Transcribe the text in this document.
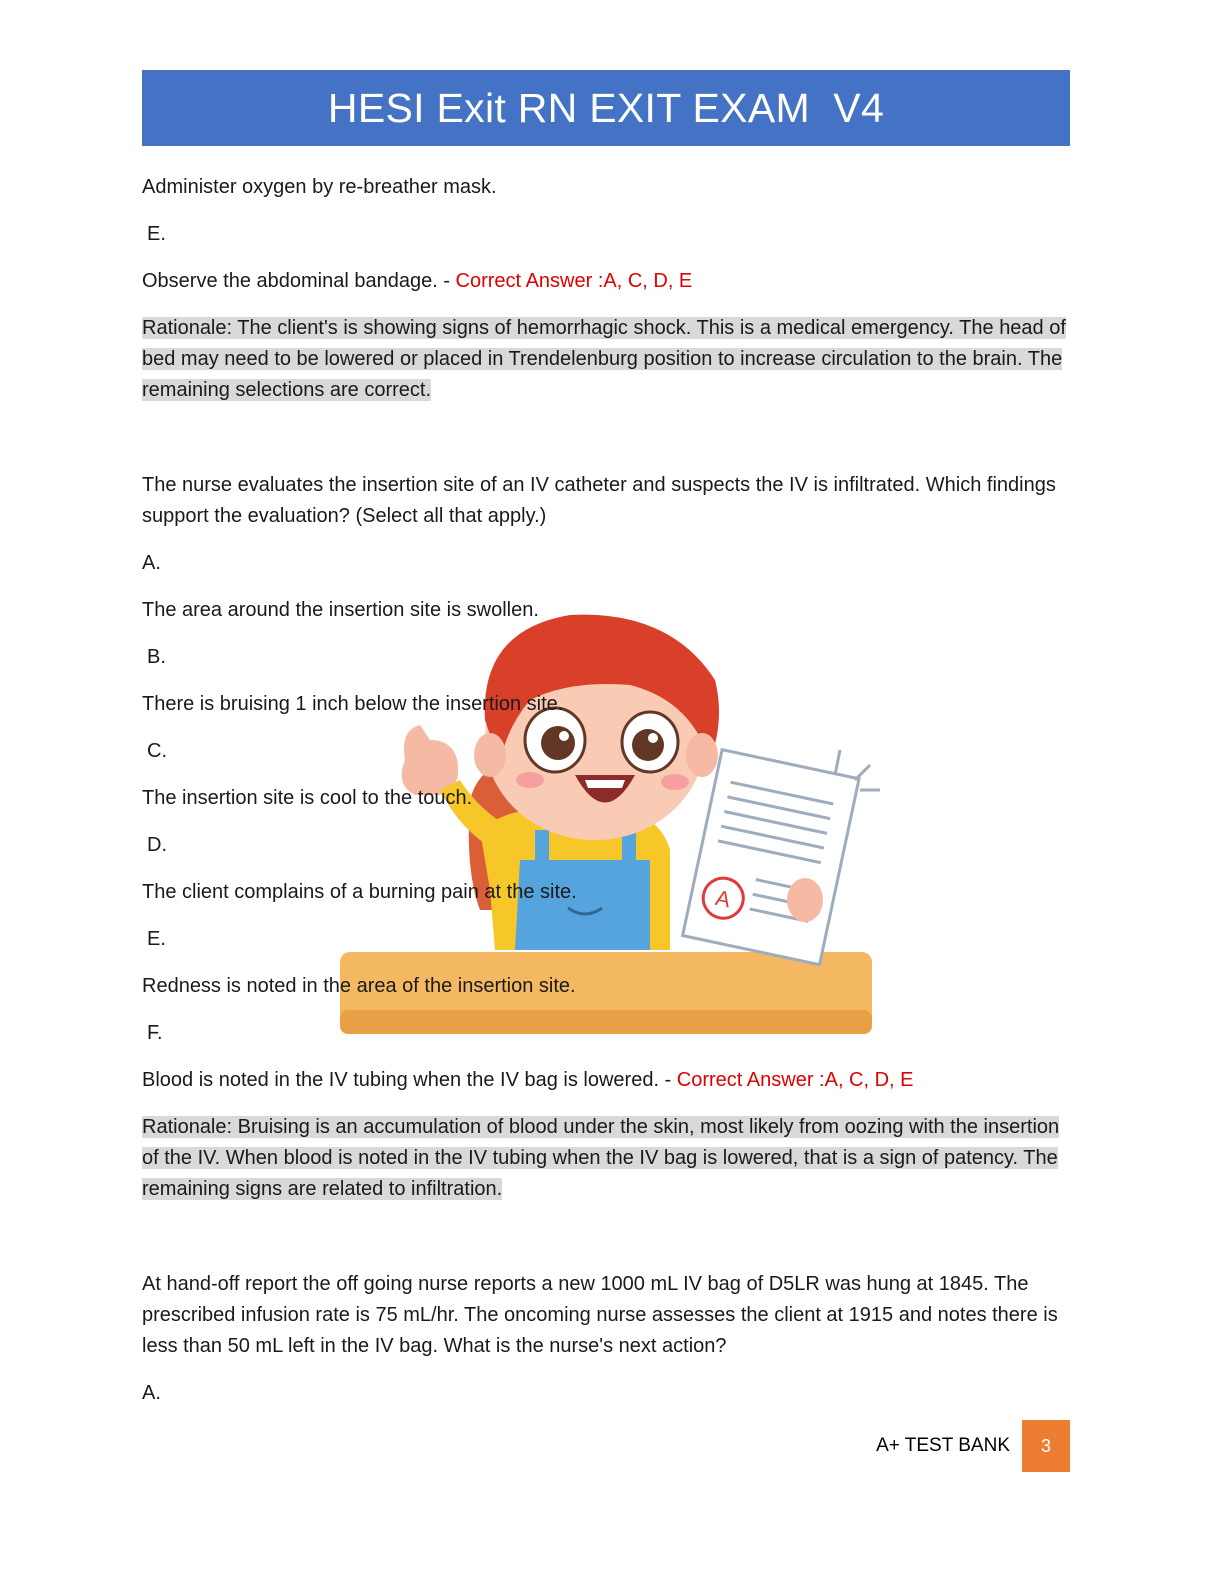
HESI Exit RN EXIT EXAM  V4
A

Administer oxygen by re-breather mask.

E.

Observe the abdominal bandage. - Correct Answer :A, C, D, E

Rationale: The client's is showing signs of hemorrhagic shock. This is a medical emergency. The head of bed may need to be lowered or placed in Trendelenburg position to increase circulation to the brain. The remaining selections are correct.

The nurse evaluates the insertion site of an IV catheter and suspects the IV is infiltrated. Which findings support the evaluation? (Select all that apply.)

A.

The area around the insertion site is swollen.

B.

There is bruising 1 inch below the insertion site.

C.

The insertion site is cool to the touch.

D.

The client complains of a burning pain at the site.

E.

Redness is noted in the area of the insertion site.

F.

Blood is noted in the IV tubing when the IV bag is lowered. - Correct Answer :A, C, D, E

Rationale: Bruising is an accumulation of blood under the skin, most likely from oozing with the insertion of the IV. When blood is noted in the IV tubing when the IV bag is lowered, that is a sign of patency. The remaining signs are related to infiltration.

At hand-off report the off going nurse reports a new 1000 mL IV bag of D5LR was hung at 1845. The prescribed infusion rate is 75 mL/hr. The oncoming nurse assesses the client at 1915 and notes there is less than 50 mL left in the IV bag. What is the nurse's next action?

A.

A+ TEST BANK 3
